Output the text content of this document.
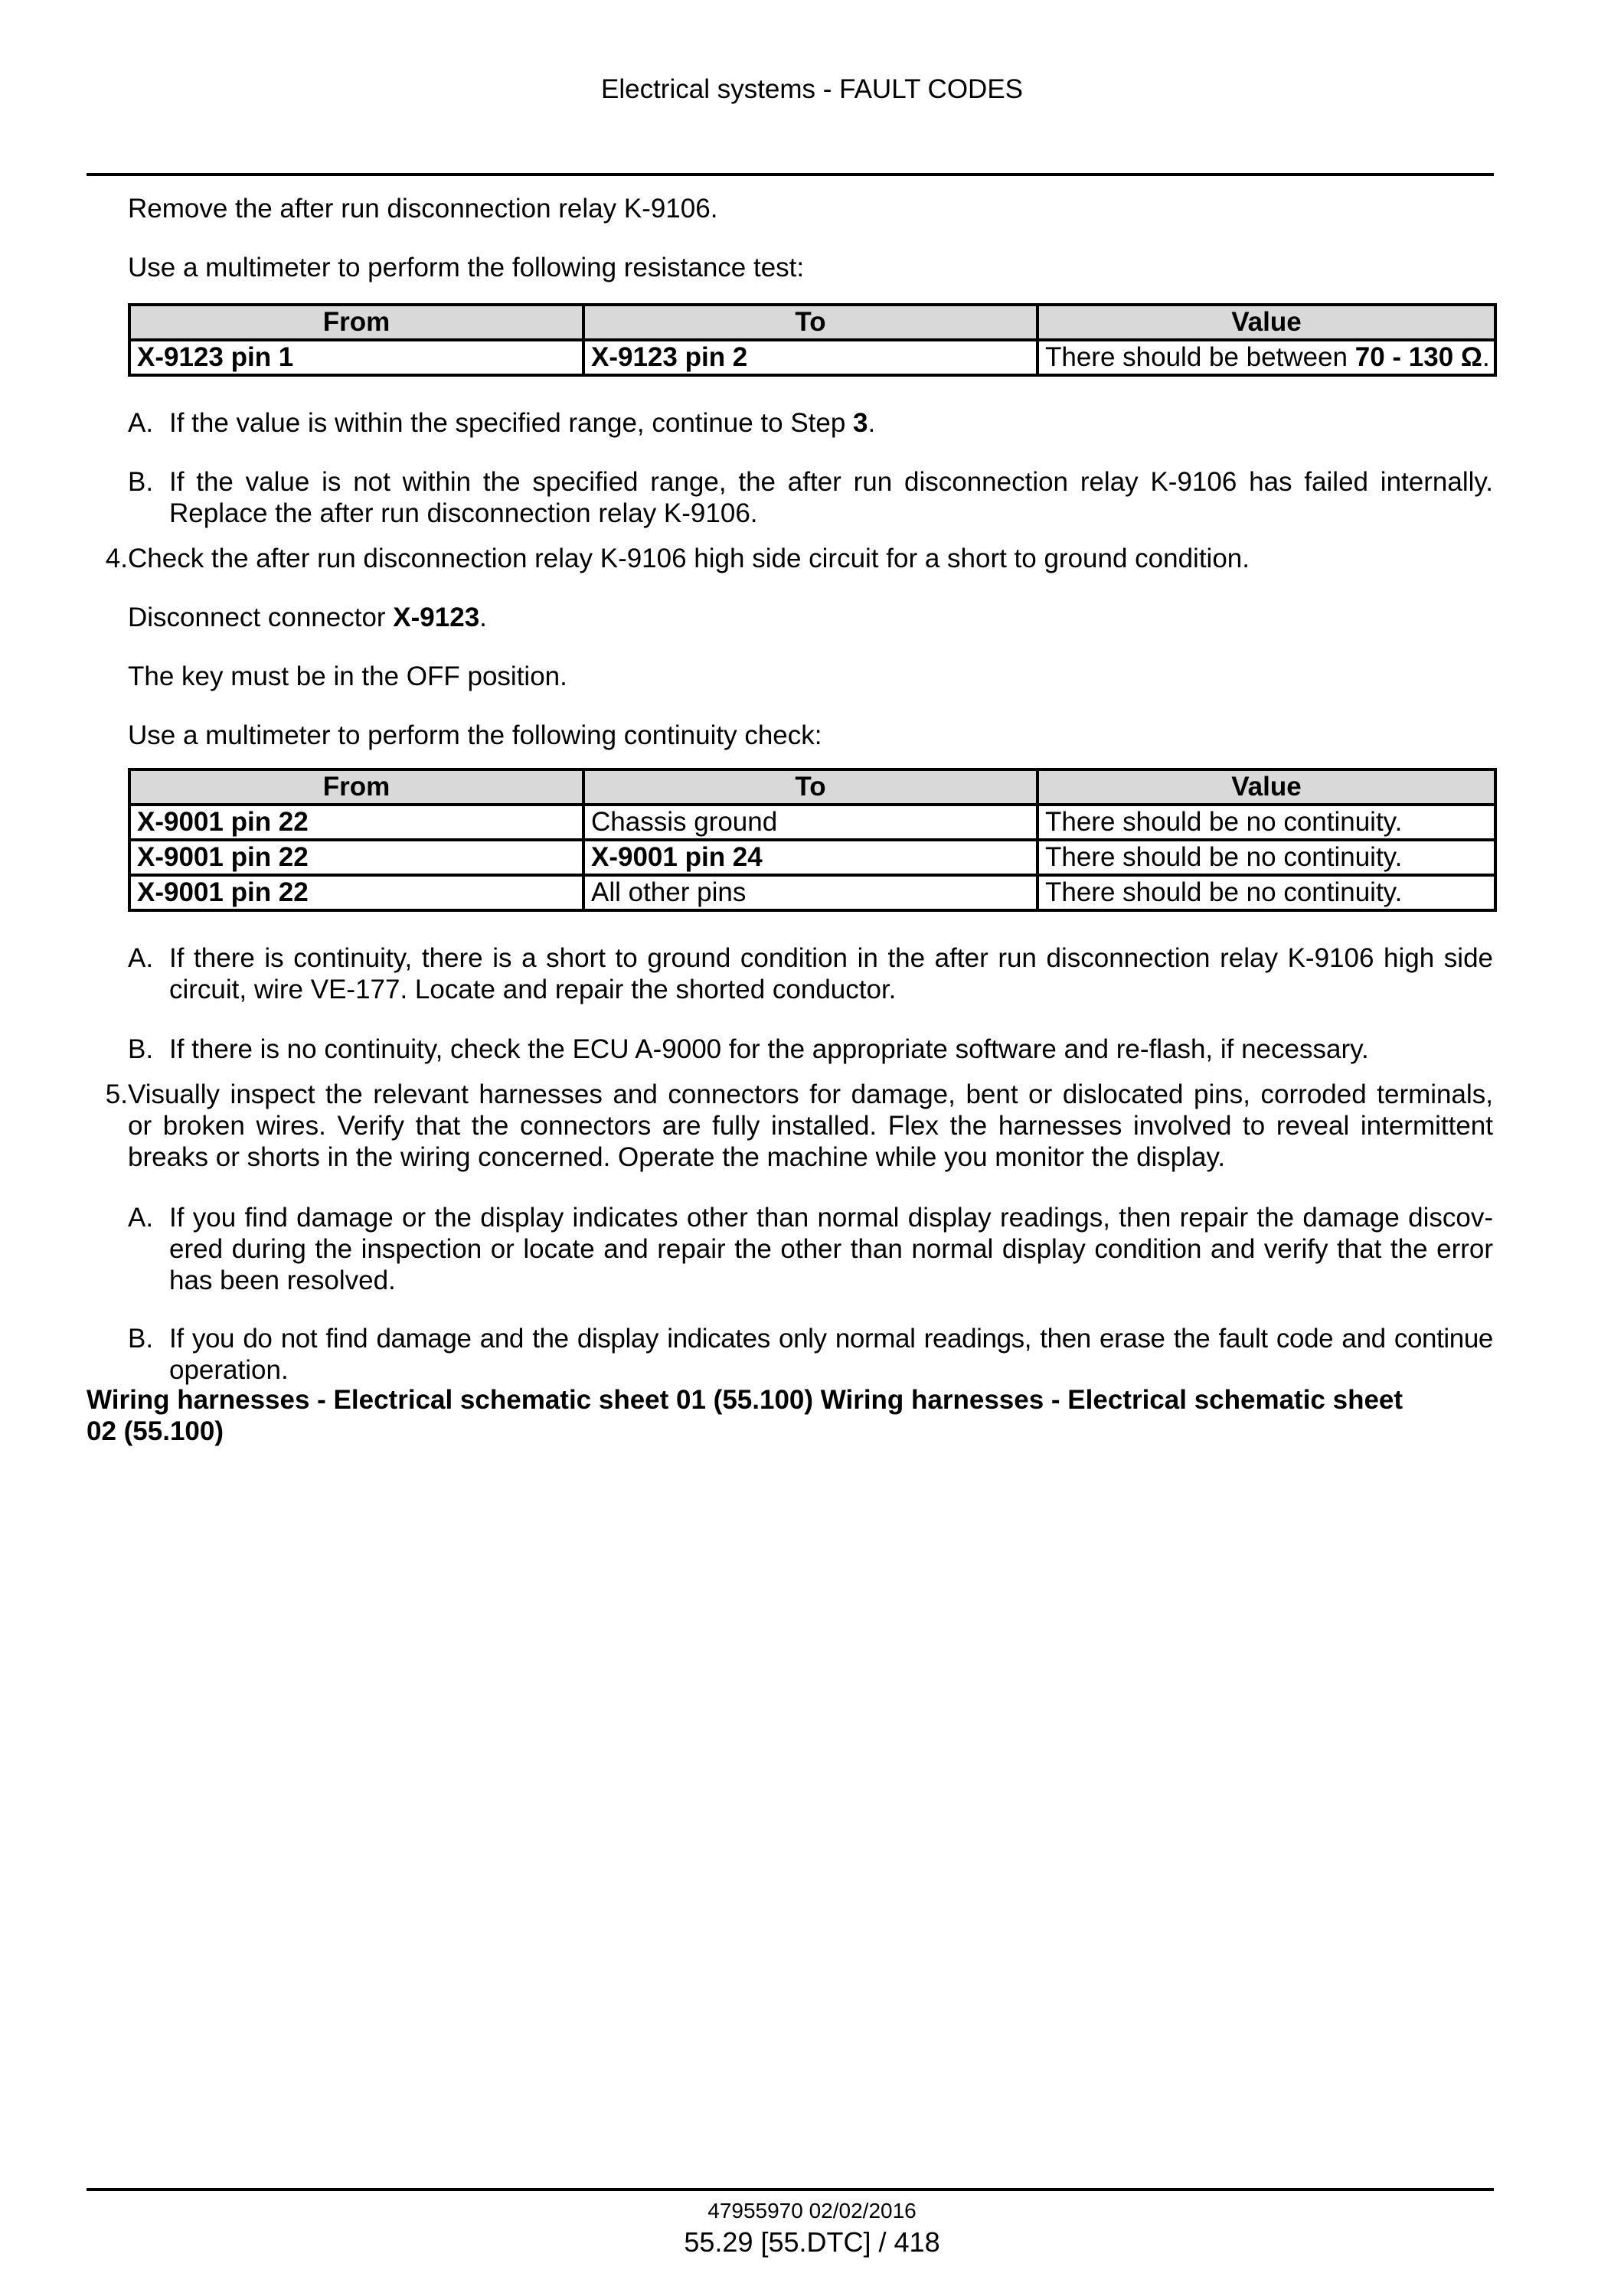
Electrical systems - FAULT CODES
Remove the after run disconnection relay K-9106.
Use a multimeter to perform the following resistance test:
From	To	Value
X-9123 pin 1	X-9123 pin 2	There should be between 70 - 130 Ω.
A. If the value is within the specified range, continue to Step 3.
B. If the value is not within the specified range, the after run disconnection relay K-9106 has failed internally.
Replace the after run disconnection relay K-9106.
4. Check the after run disconnection relay K-9106 high side circuit for a short to ground condition.
Disconnect connector X-9123.
The key must be in the OFF position.
Use a multimeter to perform the following continuity check:
From	To	Value
X-9001 pin 22	Chassis ground	There should be no continuity.
X-9001 pin 22	X-9001 pin 24	There should be no continuity.
X-9001 pin 22	All other pins	There should be no continuity.
A. If there is continuity, there is a short to ground condition in the after run disconnection relay K-9106 high side
circuit, wire VE-177. Locate and repair the shorted conductor.
B. If there is no continuity, check the ECU A-9000 for the appropriate software and re-flash, if necessary.
5. Visually inspect the relevant harnesses and connectors for damage, bent or dislocated pins, corroded terminals,
or broken wires. Verify that the connectors are fully installed. Flex the harnesses involved to reveal intermittent
breaks or shorts in the wiring concerned. Operate the machine while you monitor the display.
A. If you find damage or the display indicates other than normal display readings, then repair the damage discov-
ered during the inspection or locate and repair the other than normal display condition and verify that the error
has been resolved.
B. If you do not find damage and the display indicates only normal readings, then erase the fault code and continue
operation.
Wiring harnesses - Electrical schematic sheet 01 (55.100) Wiring harnesses - Electrical schematic sheet
02 (55.100)
47955970 02/02/2016
55.29 [55.DTC] / 418
